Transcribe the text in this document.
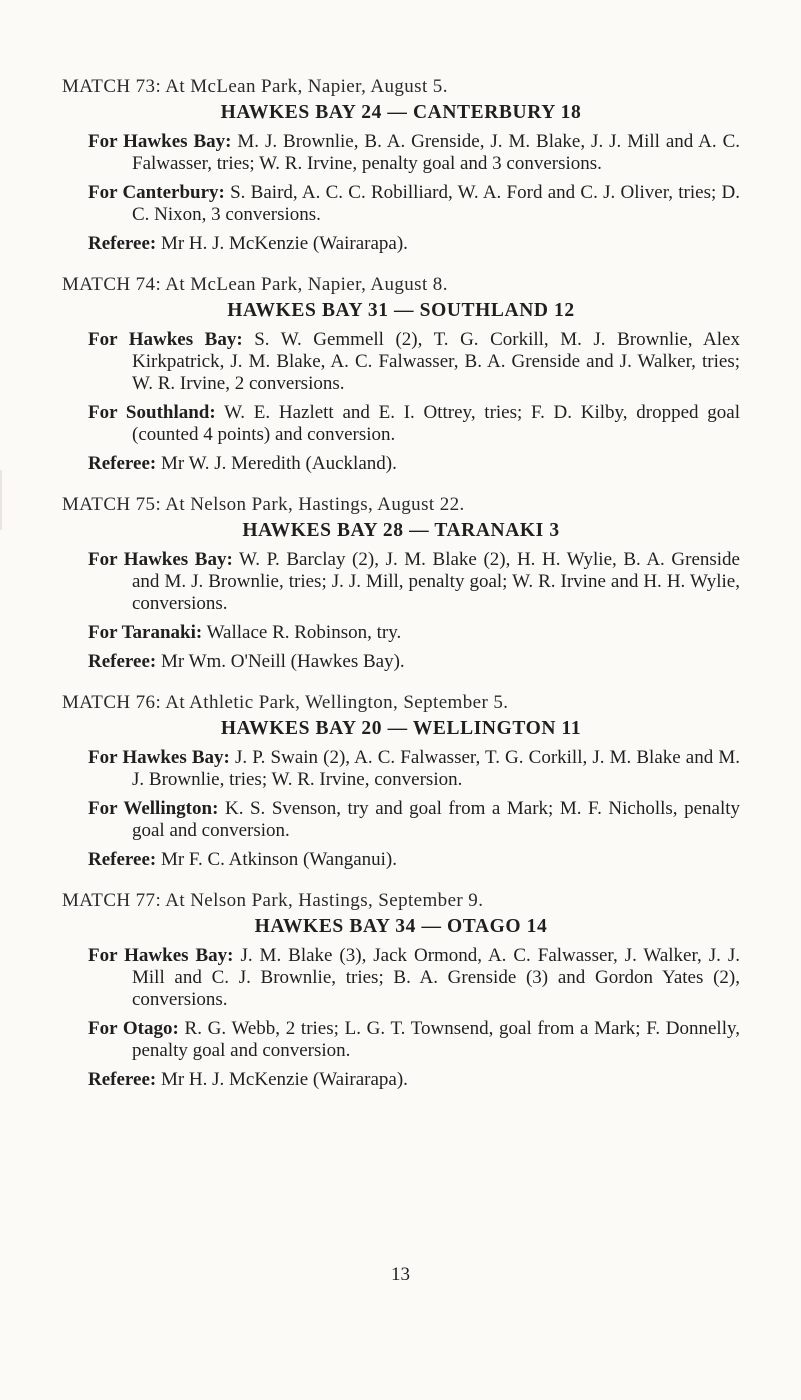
MATCH 73: At McLean Park, Napier, August 5.
HAWKES BAY 24 — CANTERBURY 18
For Hawkes Bay: M. J. Brownlie, B. A. Grenside, J. M. Blake, J. J. Mill and A. C. Falwasser, tries; W. R. Irvine, penalty goal and 3 conversions.
For Canterbury: S. Baird, A. C. C. Robilliard, W. A. Ford and C. J. Oliver, tries; D. C. Nixon, 3 conversions.
Referee: Mr H. J. McKenzie (Wairarapa).
MATCH 74: At McLean Park, Napier, August 8.
HAWKES BAY 31 — SOUTHLAND 12
For Hawkes Bay: S. W. Gemmell (2), T. G. Corkill, M. J. Brownlie, Alex Kirkpatrick, J. M. Blake, A. C. Falwasser, B. A. Grenside and J. Walker, tries; W. R. Irvine, 2 conversions.
For Southland: W. E. Hazlett and E. I. Ottrey, tries; F. D. Kilby, dropped goal (counted 4 points) and conversion.
Referee: Mr W. J. Meredith (Auckland).
MATCH 75: At Nelson Park, Hastings, August 22.
HAWKES BAY 28 — TARANAKI 3
For Hawkes Bay: W. P. Barclay (2), J. M. Blake (2), H. H. Wylie, B. A. Grenside and M. J. Brownlie, tries; J. J. Mill, penalty goal; W. R. Irvine and H. H. Wylie, conversions.
For Taranaki: Wallace R. Robinson, try.
Referee: Mr Wm. O'Neill (Hawkes Bay).
MATCH 76: At Athletic Park, Wellington, September 5.
HAWKES BAY 20 — WELLINGTON 11
For Hawkes Bay: J. P. Swain (2), A. C. Falwasser, T. G. Corkill, J. M. Blake and M. J. Brownlie, tries; W. R. Irvine, conversion.
For Wellington: K. S. Svenson, try and goal from a Mark; M. F. Nicholls, penalty goal and conversion.
Referee: Mr F. C. Atkinson (Wanganui).
MATCH 77: At Nelson Park, Hastings, September 9.
HAWKES BAY 34 — OTAGO 14
For Hawkes Bay: J. M. Blake (3), Jack Ormond, A. C. Falwasser, J. Walker, J. J. Mill and C. J. Brownlie, tries; B. A. Grenside (3) and Gordon Yates (2), conversions.
For Otago: R. G. Webb, 2 tries; L. G. T. Townsend, goal from a Mark; F. Donnelly, penalty goal and conversion.
Referee: Mr H. J. McKenzie (Wairarapa).
13
